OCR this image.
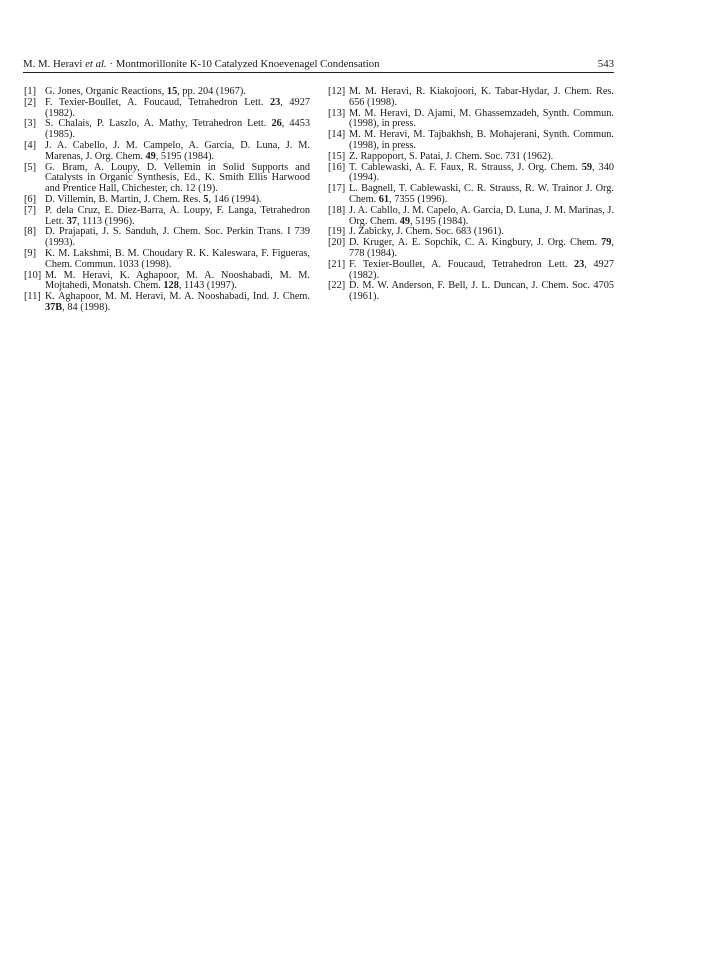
M. M. Heravi et al. · Montmorillonite K-10 Catalyzed Knoevenagel Condensation	543
[1] G. Jones, Organic Reactions, 15, pp. 204 (1967).
[2] F. Texier-Boullet, A. Foucaud, Tetrahedron Lett. 23, 4927 (1982).
[3] S. Chalais, P. Laszlo, A. Mathy, Tetrahedron Lett. 26, 4453 (1985).
[4] J. A. Cabello, J. M. Campelo, A. Garcia, D. Luna, J. M. Marenas, J. Org. Chem. 49, 5195 (1984).
[5] G. Bram, A. Loupy, D. Vellemin in Solid Supports and Catalysts in Organic Synthesis, Ed., K. Smith Ellis Harwood and Prentice Hall, Chichester, ch. 12 (19).
[6] D. Villemin, B. Martin, J. Chem. Res. 5, 146 (1994).
[7] P. dela Cruz, E. Diez-Barra, A. Loupy, F. Langa, Tetrahedron Lett. 37, 1113 (1996).
[8] D. Prajapati, J. S. Sanduh, J. Chem. Soc. Perkin Trans. I 739 (1993).
[9] K. M. Lakshmi, B. M. Choudary R. K. Kaleswara, F. Figueras, Chem. Commun. 1033 (1998).
[10] M. M. Heravi, K. Aghapoor, M. A. Nooshabadi, M. M. Mojtahedi, Monatsh. Chem. 128, 1143 (1997).
[11] K. Aghapoor, M. M. Heravi, M. A. Nooshabadi, Ind. J. Chem. 37B, 84 (1998).
[12] M. M. Heravi, R. Kiakojoori, K. Tabar-Hydar, J. Chem. Res. 656 (1998).
[13] M. M. Heravi, D. Ajami, M. Ghassemzadeh, Synth. Commun. (1998), in press.
[14] M. M. Heravi, M. Tajbakhsh, B. Mohajerani, Synth. Commun. (1998), in press.
[15] Z. Rappoport, S. Patai, J. Chem. Soc. 731 (1962).
[16] T. Cablewaski, A. F. Faux, R. Strauss, J. Org. Chem. 59, 340 (1994).
[17] L. Bagnell, T. Cablewaski, C. R. Strauss, R. W. Trainor J. Org. Chem. 61, 7355 (1996).
[18] J. A. Cabllo, J. M. Capelo, A. Garcia, D. Luna, J. M. Marinas, J. Org. Chem. 49, 5195 (1984).
[19] J. Zabicky, J. Chem. Soc. 683 (1961).
[20] D. Kruger, A. E. Sopchik, C. A. Kingbury, J. Org. Chem. 79, 778 (1984).
[21] F. Texier-Boullet, A. Foucaud, Tetrahedron Lett. 23, 4927 (1982).
[22] D. M. W. Anderson, F. Bell, J. L. Duncan, J. Chem. Soc. 4705 (1961).
